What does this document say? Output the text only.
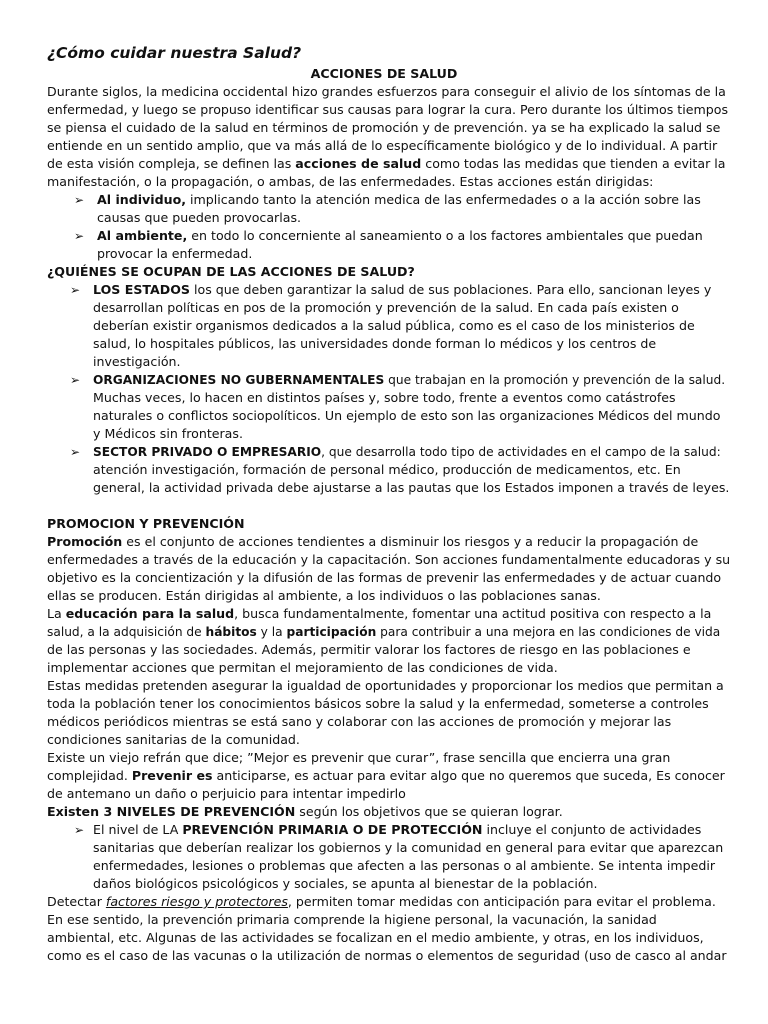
¿Cómo cuidar nuestra Salud?
ACCIONES DE SALUD
Durante siglos, la medicina occidental hizo grandes esfuerzos para conseguir el alivio de los síntomas de la
enfermedad, y luego se propuso identificar sus causas para lograr la cura. Pero durante los últimos tiempos
se piensa el cuidado de la salud en términos de promoción y de prevención. ya se ha explicado la salud se
entiende en un sentido amplio, que va más allá de lo específicamente biológico y de lo individual. A partir
de esta visión compleja, se definen las acciones de salud como todas las medidas que tienden a evitar la
manifestación, o la propagación, o ambas, de las enfermedades. Estas acciones están dirigidas:
➢ Al individuo, implicando tanto la atención medica de las enfermedades o a la acción sobre las
causas que pueden provocarlas.
➢ Al ambiente, en todo lo concerniente al saneamiento o a los factores ambientales que puedan
provocar la enfermedad.
¿QUIÉNES SE OCUPAN DE LAS ACCIONES DE SALUD?
➢ LOS ESTADOS los que deben garantizar la salud de sus poblaciones. Para ello, sancionan leyes y
desarrollan políticas en pos de la promoción y prevención de la salud. En cada país existen o
deberían existir organismos dedicados a la salud pública, como es el caso de los ministerios de
salud, lo hospitales públicos, las universidades donde forman lo médicos y los centros de
investigación.
➢ ORGANIZACIONES NO GUBERNAMENTALES que trabajan en la promoción y prevención de la salud.
Muchas veces, lo hacen en distintos países y, sobre todo, frente a eventos como catástrofes
naturales o conflictos sociopolíticos. Un ejemplo de esto son las organizaciones Médicos del mundo
y Médicos sin fronteras.
➢ SECTOR PRIVADO O EMPRESARIO, que desarrolla todo tipo de actividades en el campo de la salud:
atención investigación, formación de personal médico, producción de medicamentos, etc. En
general, la actividad privada debe ajustarse a las pautas que los Estados imponen a través de leyes.
PROMOCION Y PREVENCIÓN
Promoción es el conjunto de acciones tendientes a disminuir los riesgos y a reducir la propagación de
enfermedades a través de la educación y la capacitación. Son acciones fundamentalmente educadoras y su
objetivo es la concientización y la difusión de las formas de prevenir las enfermedades y de actuar cuando
ellas se producen. Están dirigidas al ambiente, a los individuos o las poblaciones sanas.
La educación para la salud, busca fundamentalmente, fomentar una actitud positiva con respecto a la
salud, a la adquisición de hábitos y la participación para contribuir a una mejora en las condiciones de vida
de las personas y las sociedades. Además, permitir valorar los factores de riesgo en las poblaciones e
implementar acciones que permitan el mejoramiento de las condiciones de vida.
Estas medidas pretenden asegurar la igualdad de oportunidades y proporcionar los medios que permitan a
toda la población tener los conocimientos básicos sobre la salud y la enfermedad, someterse a controles
médicos periódicos mientras se está sano y colaborar con las acciones de promoción y mejorar las
condiciones sanitarias de la comunidad.
Existe un viejo refrán que dice; ”Mejor es prevenir que curar”, frase sencilla que encierra una gran
complejidad. Prevenir es anticiparse, es actuar para evitar algo que no queremos que suceda, Es conocer
de antemano un daño o perjuicio para intentar impedirlo
Existen 3 NIVELES DE PREVENCIÓN según los objetivos que se quieran lograr.
➢ El nivel de LA PREVENCIÓN PRIMARIA O DE PROTECCIÓN incluye el conjunto de actividades
sanitarias que deberían realizar los gobiernos y la comunidad en general para evitar que aparezcan
enfermedades, lesiones o problemas que afecten a las personas o al ambiente. Se intenta impedir
daños biológicos psicológicos y sociales, se apunta al bienestar de la población.
Detectar factores riesgo y protectores, permiten tomar medidas con anticipación para evitar el problema.
En ese sentido, la prevención primaria comprende la higiene personal, la vacunación, la sanidad
ambiental, etc. Algunas de las actividades se focalizan en el medio ambiente, y otras, en los individuos,
como es el caso de las vacunas o la utilización de normas o elementos de seguridad (uso de casco al andar
